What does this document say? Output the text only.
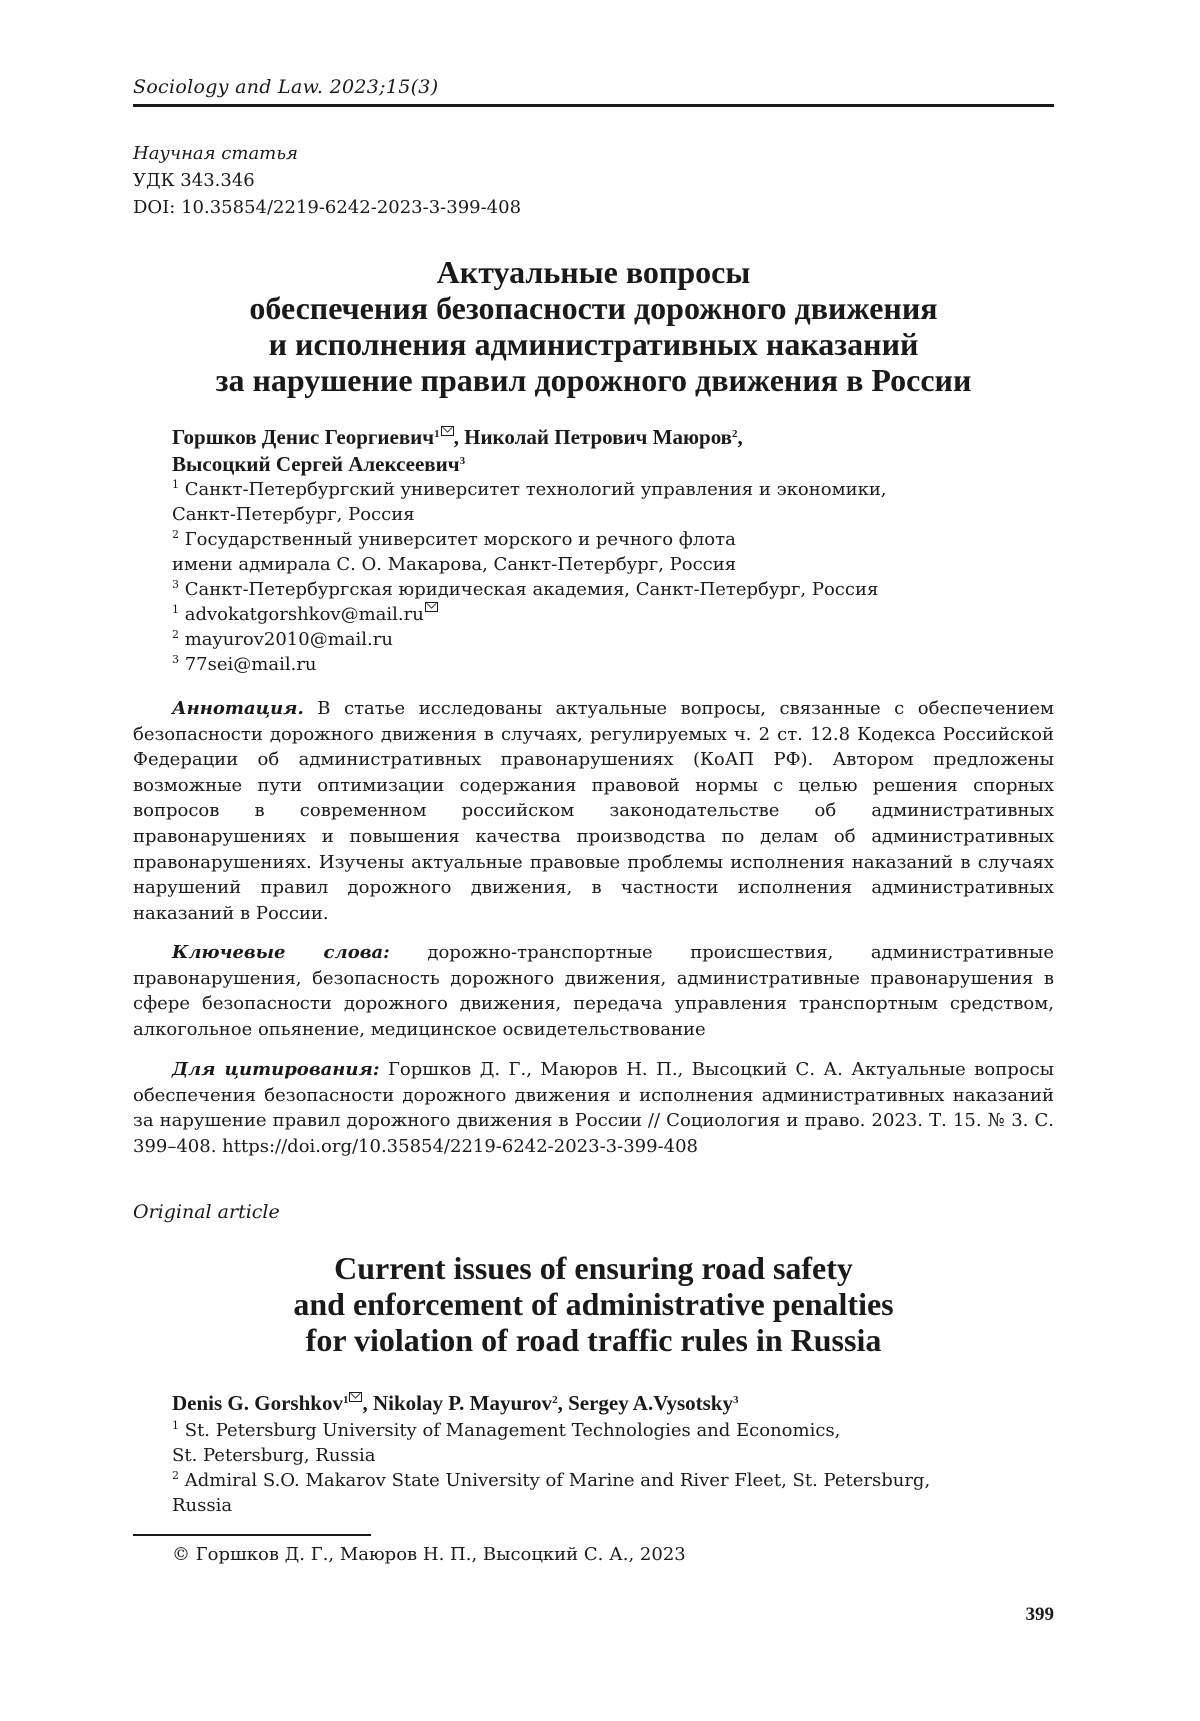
Sociology and Law. 2023;15(3)
Научная статья
УДК 343.346
DOI: 10.35854/2219-6242-2023-3-399-408
Актуальные вопросы
обеспечения безопасности дорожного движения
и исполнения административных наказаний
за нарушение правил дорожного движения в России
Горшков Денис Георгиевич$^1$ , Николай Петрович Маюров$^2$,
Высоцкий Сергей Алексеевич$^3$
$^1$ Санкт-Петербургский университет технологий управления и экономики,
Санкт-Петербург, Россия
$^2$ Государственный университет морского и речного флота
имени адмирала С. О. Макарова, Санкт-Петербург, Россия
$^3$ Санкт-Петербургская юридическая академия, Санкт-Петербург, Россия
$^1$ advokatgorshkov@mail.ru
$^2$ mayurov2010@mail.ru
$^3$ 77sei@mail.ru
Аннотация. В статье исследованы актуальные вопросы, связанные с обеспечением безопасности дорожного движения в случаях, регулируемых ч. 2 ст. 12.8 Кодекса Российской Федерации об административных правонарушениях (КоАП РФ). Автором предложены возможные пути оптимизации содержания правовой нормы с целью решения спорных вопросов в современном российском законодательстве об административных правонарушениях и повышения качества производства по делам об административных правонарушениях. Изучены актуальные правовые проблемы исполнения наказаний в случаях нарушений правил дорожного движения, в частности исполнения административных наказаний в России.
Ключевые слова: дорожно-транспортные происшествия, административные правонарушения, безопасность дорожного движения, административные правонарушения в сфере безопасности дорожного движения, передача управления транспортным средством, алкогольное опьянение, медицинское освидетельствование
Для цитирования: Горшков Д. Г., Маюров Н. П., Высоцкий С. А. Актуальные вопросы обеспечения безопасности дорожного движения и исполнения административных наказаний за нарушение правил дорожного движения в России // Социология и право. 2023. Т. 15. № 3. С. 399–408. https://doi.org/10.35854/2219-6242-2023-3-399-408
Original article
Current issues of ensuring road safety
and enforcement of administrative penalties
for violation of road traffic rules in Russia
Denis G. Gorshkov$^1$ , Nikolay P. Mayurov$^2$, Sergey A.Vysotsky$^3$
$^1$ St. Petersburg University of Management Technologies and Economics,
St. Petersburg, Russia
$^2$ Admiral S.O. Makarov State University of Marine and River Fleet, St. Petersburg,
Russia
© Горшков Д. Г., Маюров Н. П., Высоцкий С. А., 2023
399
